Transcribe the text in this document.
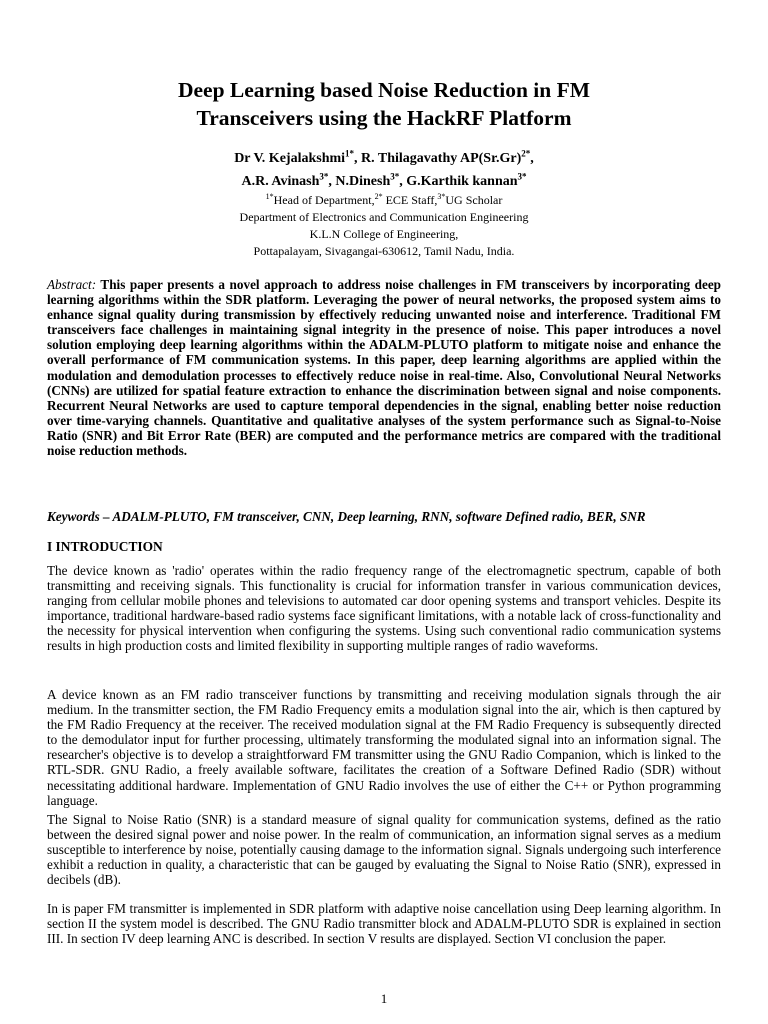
Deep Learning based Noise Reduction in FM
Transceivers using the HackRF Platform
Dr V. Kejalakshmi$^{1*}$, R. Thilagavathy $AP(Sr.Gr)^{2*}$,
A.R. Avinash$^{3*}$, N.Dinesh$^{3*}$, G.Karthik kannan$^{3*}$
$^{1*}$Head of Department,$^{2*}$ ECE Staff,$^{3*}$UG Scholar
Department of Electronics and Communication Engineering
K.L.N College of Engineering,
Pottapalayam, Sivagangai-630612, Tamil Nadu, India.
Abstract: This paper presents a novel approach to address noise challenges in FM transceivers by incorporating deep learning algorithms within the SDR platform. Leveraging the power of neural networks, the proposed system aims to enhance signal quality during transmission by effectively reducing unwanted noise and interference. Traditional FM transceivers face challenges in maintaining signal integrity in the presence of noise. This paper introduces a novel solution employing deep learning algorithms within the ADALM-PLUTO platform to mitigate noise and enhance the overall performance of FM communication systems. In this paper, deep learning algorithms are applied within the modulation and demodulation processes to effectively reduce noise in real-time. Also, Convolutional Neural Networks (CNNs) are utilized for spatial feature extraction to enhance the discrimination between signal and noise components. Recurrent Neural Networks are used to capture temporal dependencies in the signal, enabling better noise reduction over time-varying channels. Quantitative and qualitative analyses of the system performance such as Signal-to-Noise Ratio (SNR) and Bit Error Rate (BER) are computed and the performance metrics are compared with the traditional noise reduction methods.
Keywords – ADALM-PLUTO, FM transceiver, CNN, Deep learning, RNN, software Defined radio, BER, SNR
I INTRODUCTION
The device known as 'radio' operates within the radio frequency range of the electromagnetic spectrum, capable of both transmitting and receiving signals. This functionality is crucial for information transfer in various communication devices, ranging from cellular mobile phones and televisions to automated car door opening systems and transport vehicles. Despite its importance, traditional hardware-based radio systems face significant limitations, with a notable lack of cross-functionality and the necessity for physical intervention when configuring the systems. Using such conventional radio communication systems results in high production costs and limited flexibility in supporting multiple ranges of radio waveforms.
A device known as an FM radio transceiver functions by transmitting and receiving modulation signals through the air medium. In the transmitter section, the FM Radio Frequency emits a modulation signal into the air, which is then captured by the FM Radio Frequency at the receiver. The received modulation signal at the FM Radio Frequency is subsequently directed to the demodulator input for further processing, ultimately transforming the modulated signal into an information signal. The researcher's objective is to develop a straightforward FM transmitter using the GNU Radio Companion, which is linked to the RTL-SDR. GNU Radio, a freely available software, facilitates the creation of a Software Defined Radio (SDR) without necessitating additional hardware. Implementation of GNU Radio involves the use of either the C++ or Python programming language.
The Signal to Noise Ratio (SNR) is a standard measure of signal quality for communication systems, defined as the ratio between the desired signal power and noise power. In the realm of communication, an information signal serves as a medium susceptible to interference by noise, potentially causing damage to the information signal. Signals undergoing such interference exhibit a reduction in quality, a characteristic that can be gauged by evaluating the Signal to Noise Ratio (SNR), expressed in decibels (dB).
In is paper FM transmitter is implemented in SDR platform with adaptive noise cancellation using Deep learning algorithm. In section II the system model is described. The GNU Radio transmitter block and ADALM-PLUTO SDR is explained in section III. In section IV deep learning ANC is described. In section V results are displayed. Section VI conclusion the paper.
1
